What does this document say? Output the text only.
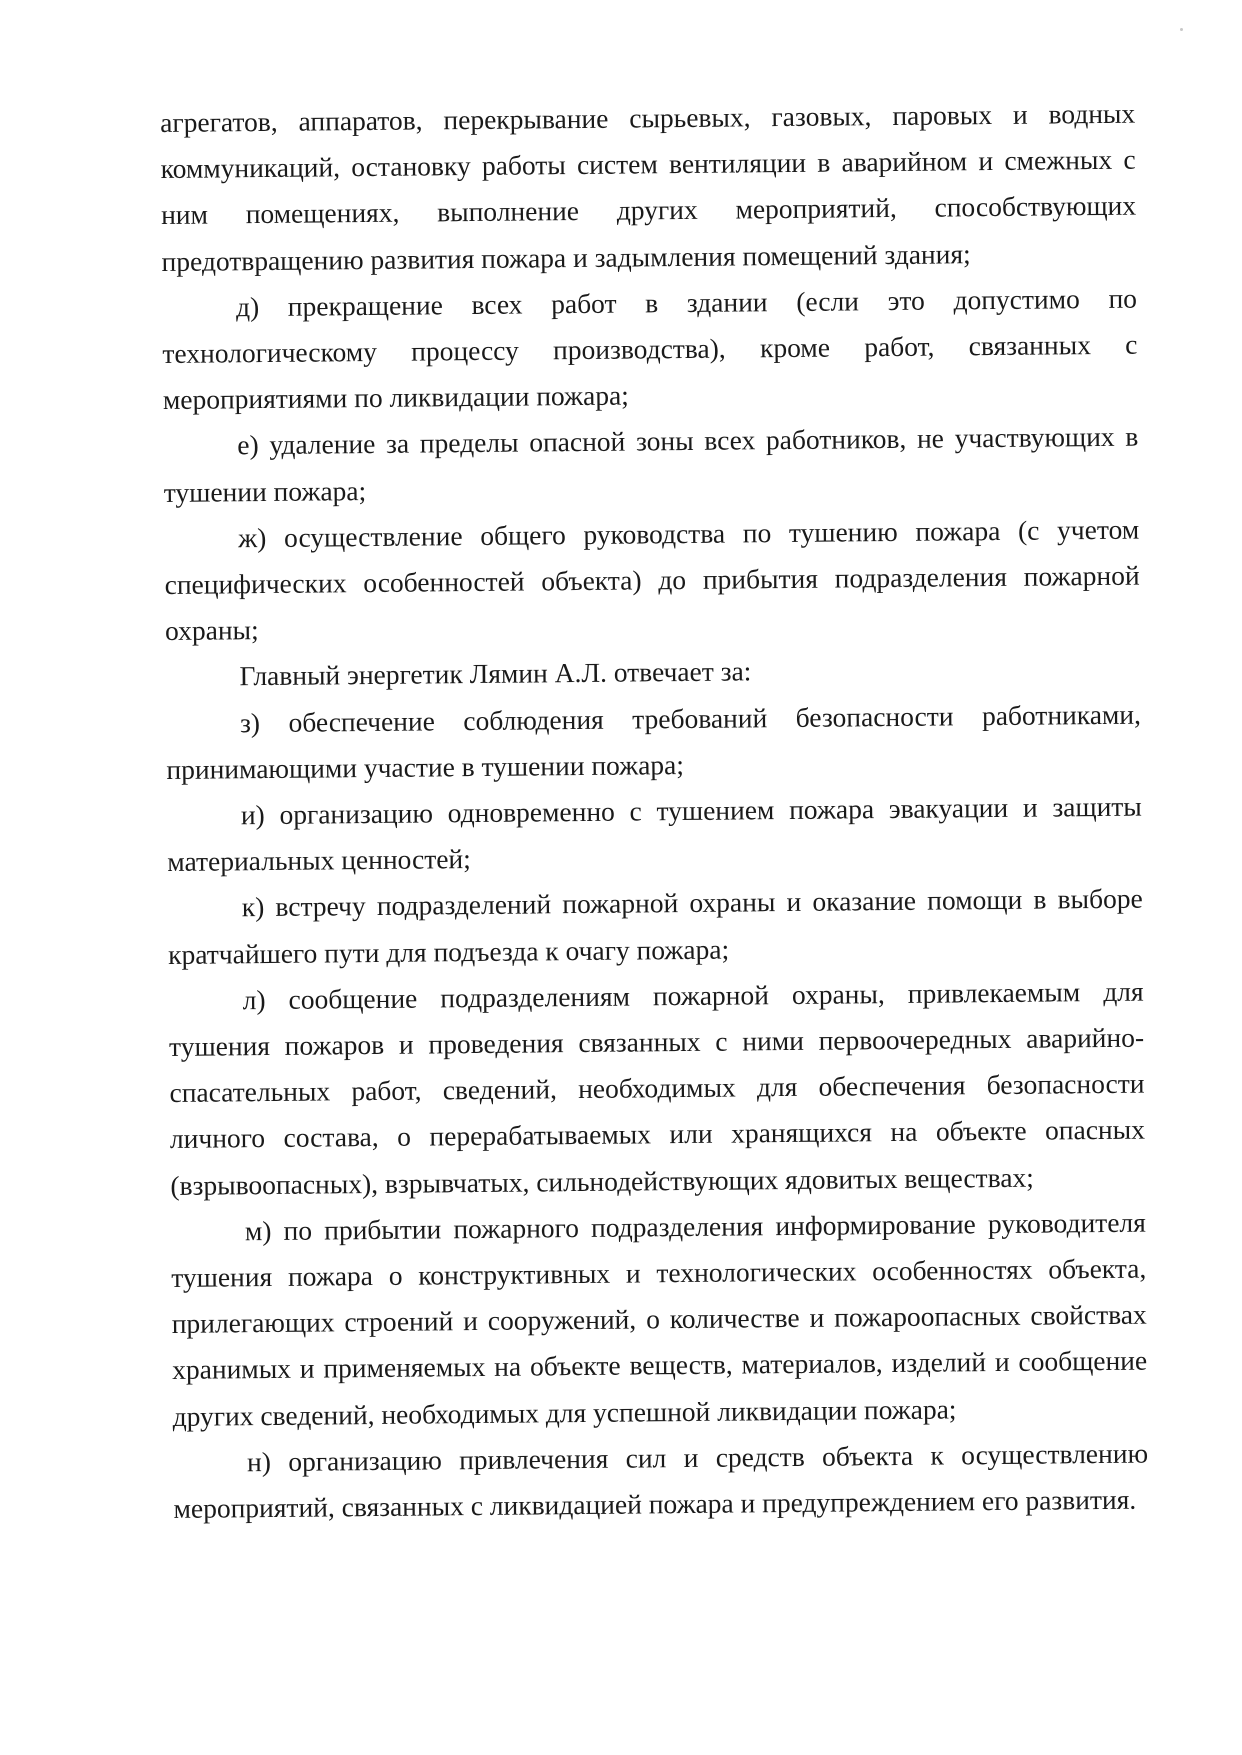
агрегатов, аппаратов, перекрывание сырьевых, газовых, паровых и водных коммуникаций, остановку работы систем вентиляции в аварийном и смежных с ним помещениях, выполнение других мероприятий, способствующих предотвращению развития пожара и задымления помещений здания;

д) прекращение всех работ в здании (если это допустимо по технологическому процессу производства), кроме работ, связанных с мероприятиями по ликвидации пожара;

е) удаление за пределы опасной зоны всех работников, не участвующих в тушении пожара;

ж) осуществление общего руководства по тушению пожара (с учетом специфических особенностей объекта) до прибытия подразделения пожарной охраны;

Главный энергетик Лямин А.Л. отвечает за:

з) обеспечение соблюдения требований безопасности работниками, принимающими участие в тушении пожара;

и) организацию одновременно с тушением пожара эвакуации и защиты материальных ценностей;

к) встречу подразделений пожарной охраны и оказание помощи в выборе кратчайшего пути для подъезда к очагу пожара;

л) сообщение подразделениям пожарной охраны, привлекаемым для тушения пожаров и проведения связанных с ними первоочередных аварийно-спасательных работ, сведений, необходимых для обеспечения безопасности личного состава, о перерабатываемых или хранящихся на объекте опасных (взрывоопасных), взрывчатых, сильнодействующих ядовитых веществах;

м) по прибытии пожарного подразделения информирование руководителя тушения пожара о конструктивных и технологических особенностях объекта, прилегающих строений и сооружений, о количестве и пожароопасных свойствах хранимых и применяемых на объекте веществ, материалов, изделий и сообщение других сведений, необходимых для успешной ликвидации пожара;

н) организацию привлечения сил и средств объекта к осуществлению мероприятий, связанных с ликвидацией пожара и предупреждением его развития.
